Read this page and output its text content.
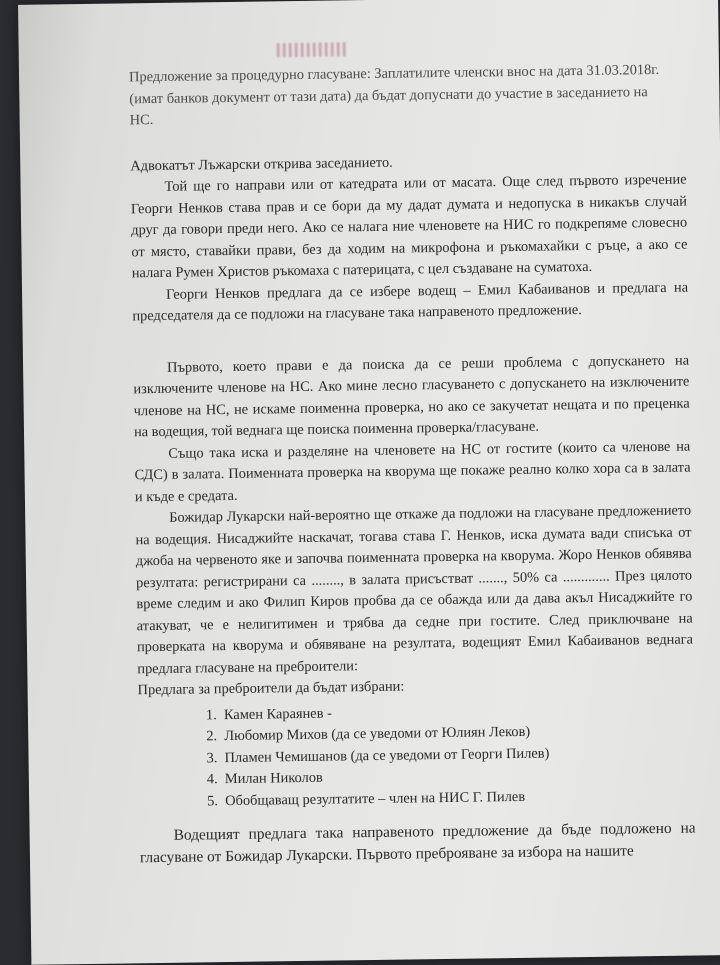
Предложение за процедурно гласуване: Заплатилите членски внос на дата 31.03.2018г.
(имат банков документ от тази дата) да бъдат допуснати до участие в заседанието на
НС.

Адвокатът Лъжарски открива заседанието.

Той ще го направи или от катедрата или от масата. Още след първото изречение Георги Ненков става прав и се бори да му дадат думата и недопуска в никакъв случай друг да говори преди него. Ако се налага ние членовете на НИС го подкрепяме словесно от място, ставайки прави, без да ходим на микрофона и ръкомахайки с ръце, а ако се налага Румен Христов ръкомаха с патерицата, с цел създаване на суматоха.

Георги Ненков предлага да се избере водещ – Емил Кабаиванов и предлага на председателя да се подложи на гласуване така направеното предложение.

Първото, което прави е да поиска да се реши проблема с допускането на изключените членове на НС. Ако мине лесно гласуването с допускането на изключените членове на НС, не искаме поименна проверка, но ако се закучетат нещата и по преценка на водещия, той веднага ще поиска поименна проверка/гласуване.

Също така иска и разделяне на членовете на НС от гостите (които са членове на СДС) в залата. Поименната проверка на кворума ще покаже реално колко хора са в залата и къде е средата.

Божидар Лукарски най-вероятно ще откаже да подложи на гласуване предложението на водещия. Нисаджийте наскачат, тогава става Г. Ненков, иска думата вади списъка от джоба на червеното яке и започва поименната проверка на кворума. Жоро Ненков обявява резултата: регистрирани са ........, в залата присъстват ......., 50% са ............. През цялото време следим и ако Филип Киров пробва да се обажда или да дава акъл Нисаджийте го атакуват, че е нелигитимен и трябва да седне при гостите. След приключване на проверката на кворума и обявяване на резултата, водещият Емил Кабаиванов веднага предлага гласуване на преброители:

Предлага за преброители да бъдат избрани:

1. Камен Караянев -
2. Любомир Михов (да се уведоми от Юлиян Леков)
3. Пламен Чемишанов (да се уведоми от Георги Пилев)
4. Милан Николов
5. Обобщаващ резултатите – член на НИС Г. Пилев

Водещият предлага така направеното предложение да бъде подложено на гласуване от Божидар Лукарски. Първото преброяване за избора на нашите
